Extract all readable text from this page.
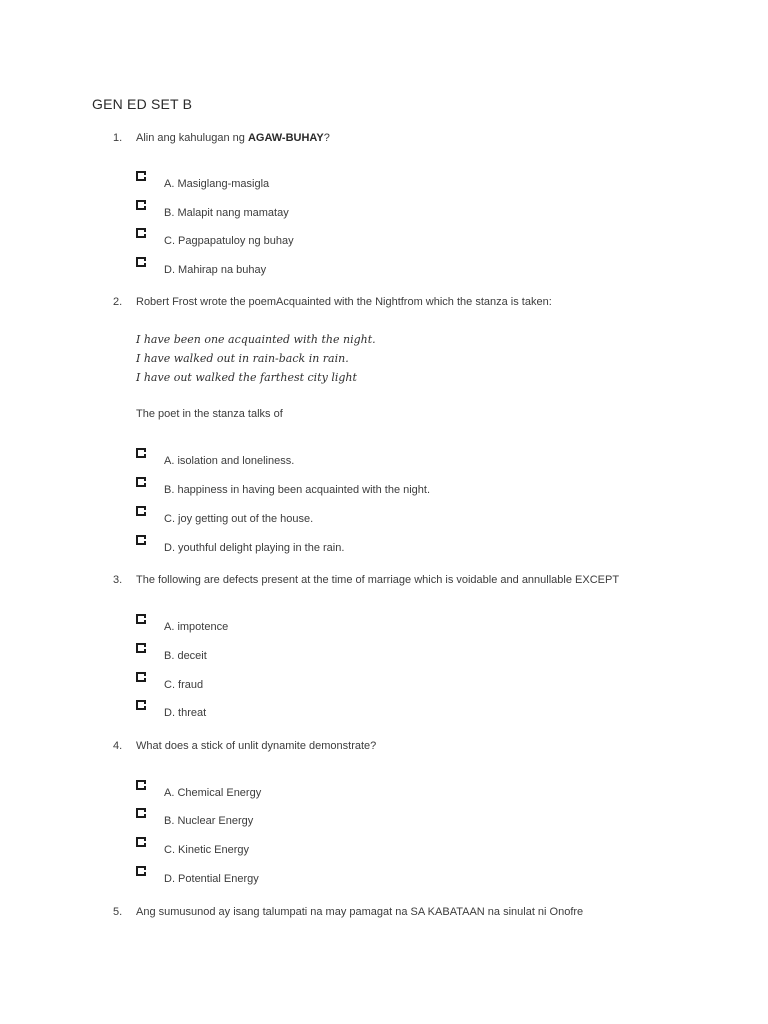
GEN ED SET B
1. Alin ang kahulugan ng AGAW-BUHAY?
A. Masiglang-masigla
B. Malapit nang mamatay
C. Pagpapatuloy ng buhay
D. Mahirap na buhay
2. Robert Frost wrote the poemAcquainted with the Nightfrom which the stanza is taken:
I have been one acquainted with the night.
I have walked out in rain-back in rain.
I have out walked the farthest city light
The poet in the stanza talks of
A. isolation and loneliness.
B. happiness in having been acquainted with the night.
C. joy getting out of the house.
D. youthful delight playing in the rain.
3. The following are defects present at the time of marriage which is voidable and annullable EXCEPT
A. impotence
B. deceit
C. fraud
D. threat
4. What does a stick of unlit dynamite demonstrate?
A. Chemical Energy
B. Nuclear Energy
C. Kinetic Energy
D. Potential Energy
5. Ang sumusunod ay isang talumpati na may pamagat na SA KABATAAN na sinulat ni Onofre
